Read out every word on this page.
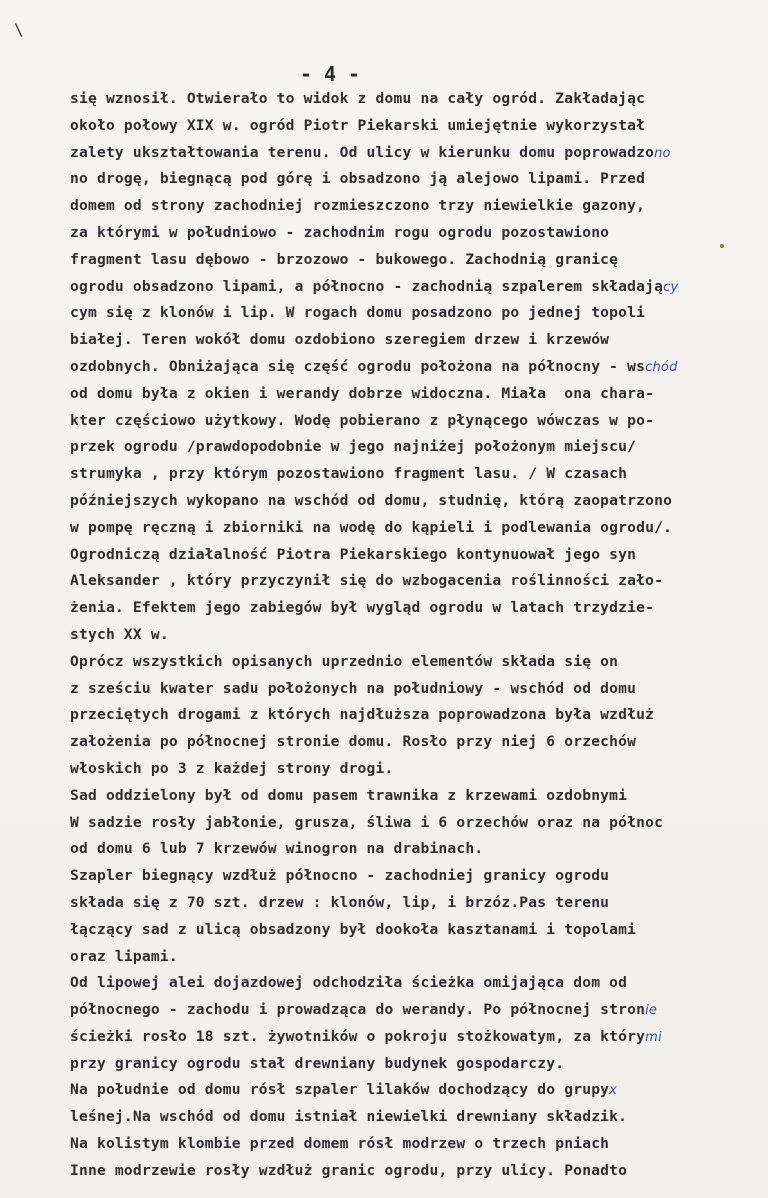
\
- 4 -
się wznosił. Otwierało to widok z domu na cały ogród. Zakładając
około połowy XIX w. ogród Piotr Piekarski umiejętnie wykorzystał
zalety ukształtowania terenu. Od ulicy w kierunku domu poprowadzono
no drogę, biegnącą pod górę i obsadzono ją alejowo lipami. Przed
domem od strony zachodniej rozmieszczono trzy niewielkie gazony,
za którymi w południowo - zachodnim rogu ogrodu pozostawiono
fragment lasu dębowo - brzozowo - bukowego. Zachodnią granicę
ogrodu obsadzono lipami, a północno - zachodnią szpalerem składający
cym się z klonów i lip. W rogach domu posadzono po jednej topoli
białej. Teren wokół domu ozdobiono szeregiem drzew i krzewów
ozdobnych. Obniżająca się część ogrodu położona na północny - wschód
od domu była z okien i werandy dobrze widoczna. Miała  ona chara-
kter częściowo użytkowy. Wodę pobierano z płynącego wówczas w po-
przek ogrodu /prawdopodobnie w jego najniżej położonym miejscu/
strumyka , przy którym pozostawiono fragment lasu. / W czasach
późniejszych wykopano na wschód od domu, studnię, którą zaopatrzono
w pompę ręczną i zbiorniki na wodę do kąpieli i podlewania ogrodu/.
Ogrodniczą działalność Piotra Piekarskiego kontynuował jego syn
Aleksander , który przyczynił się do wzbogacenia roślinności zało-
żenia. Efektem jego zabiegów był wygląd ogrodu w latach trzydzie-
stych XX w.
Oprócz wszystkich opisanych uprzednio elementów składa się on
z sześciu kwater sadu położonych na południowy - wschód od domu
przeciętych drogami z których najdłuższa poprowadzona była wzdłuż
założenia po północnej stronie domu. Rosło przy niej 6 orzechów
włoskich po 3 z każdej strony drogi.
Sad oddzielony był od domu pasem trawnika z krzewami ozdobnymi
W sadzie rosły jabłonie, grusza, śliwa i 6 orzechów oraz na północ
od domu 6 lub 7 krzewów winogron na drabinach.
Szapler biegnący wzdłuż północno - zachodniej granicy ogrodu
składa się z 70 szt. drzew : klonów, lip, i brzóz.Pas terenu
łączący sad z ulicą obsadzony był dookoła kasztanami i topolami
oraz lipami.
Od lipowej alei dojazdowej odchodziła ścieżka omijająca dom od
północnego - zachodu i prowadząca do werandy. Po północnej stronie
ścieżki rosło 18 szt. żywotników o pokroju stożkowatym, za którymi
przy granicy ogrodu stał drewniany budynek gospodarczy.
Na południe od domu rósł szpaler lilaków dochodzący do grupyx
leśnej.Na wschód od domu istniał niewielki drewniany składzik.
Na kolistym klombie przed domem rósł modrzew o trzech pniach
Inne modrzewie rosły wzdłuż granic ogrodu, przy ulicy. Ponadto
